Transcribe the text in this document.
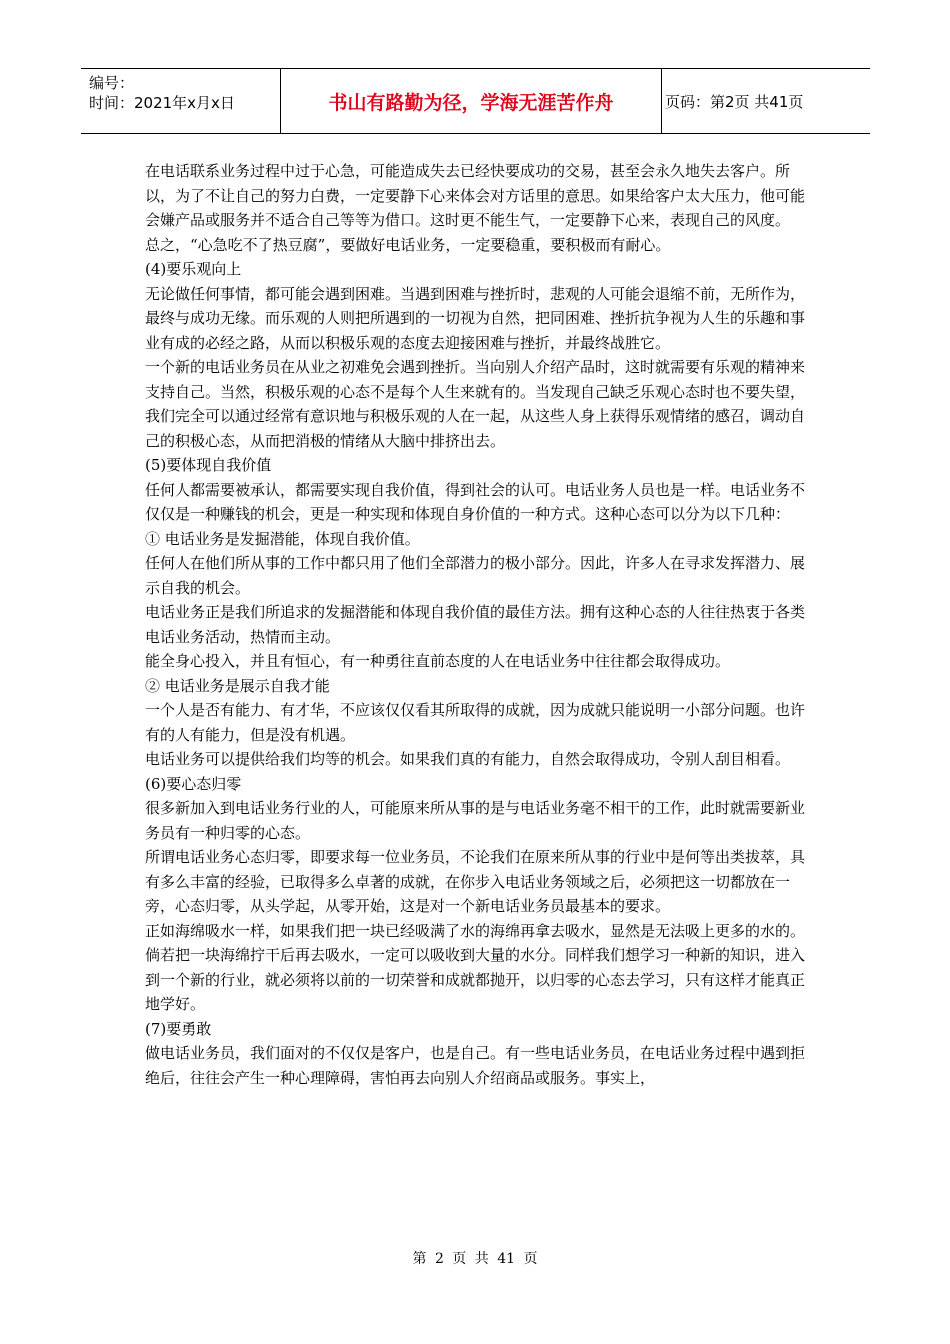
编号：
时间：2021年x月x日	书山有路勤为径，学海无涯苦作舟	页码：第2页 共41页

在电话联系业务过程中过于心急，可能造成失去已经快要成功的交易，甚至会永久地失去客户。所以，为了不让自己的努力白费，一定要静下心来体会对方话里的意思。如果给客户太大压力，他可能会嫌产品或服务并不适合自己等等为借口。这时更不能生气，一定要静下心来，表现自己的风度。

总之，“心急吃不了热豆腐”，要做好电话业务，一定要稳重，要积极而有耐心。

(4)要乐观向上

无论做任何事情，都可能会遇到困难。当遇到困难与挫折时，悲观的人可能会退缩不前，无所作为，最终与成功无缘。而乐观的人则把所遇到的一切视为自然，把同困难、挫折抗争视为人生的乐趣和事业有成的必经之路，从而以积极乐观的态度去迎接困难与挫折，并最终战胜它。

一个新的电话业务员在从业之初难免会遇到挫折。当向别人介绍产品时，这时就需要有乐观的精神来支持自己。当然，积极乐观的心态不是每个人生来就有的。当发现自己缺乏乐观心态时也不要失望，我们完全可以通过经常有意识地与积极乐观的人在一起，从这些人身上获得乐观情绪的感召，调动自己的积极心态，从而把消极的情绪从大脑中排挤出去。

(5)要体现自我价值

任何人都需要被承认，都需要实现自我价值，得到社会的认可。电话业务人员也是一样。电话业务不仅仅是一种赚钱的机会，更是一种实现和体现自身价值的一种方式。这种心态可以分为以下几种：

① 电话业务是发掘潜能，体现自我价值。

任何人在他们所从事的工作中都只用了他们全部潜力的极小部分。因此，许多人在寻求发挥潜力、展示自我的机会。

电话业务正是我们所追求的发掘潜能和体现自我价值的最佳方法。拥有这种心态的人往往热衷于各类电话业务活动，热情而主动。

能全身心投入，并且有恒心，有一种勇往直前态度的人在电话业务中往往都会取得成功。

② 电话业务是展示自我才能

一个人是否有能力、有才华，不应该仅仅看其所取得的成就，因为成就只能说明一小部分问题。也许有的人有能力，但是没有机遇。

电话业务可以提供给我们均等的机会。如果我们真的有能力，自然会取得成功，令别人刮目相看。

(6)要心态归零

很多新加入到电话业务行业的人，可能原来所从事的是与电话业务毫不相干的工作，此时就需要新业务员有一种归零的心态。

所谓电话业务心态归零，即要求每一位业务员，不论我们在原来所从事的行业中是何等出类拔萃，具有多么丰富的经验，已取得多么卓著的成就，在你步入电话业务领域之后，必须把这一切都放在一旁，心态归零，从头学起，从零开始，这是对一个新电话业务员最基本的要求。

正如海绵吸水一样，如果我们把一块已经吸满了水的海绵再拿去吸水，显然是无法吸上更多的水的。倘若把一块海绵拧干后再去吸水，一定可以吸收到大量的水分。同样我们想学习一种新的知识，进入到一个新的行业，就必须将以前的一切荣誉和成就都抛开，以归零的心态去学习，只有这样才能真正地学好。

(7)要勇敢

做电话业务员，我们面对的不仅仅是客户，也是自己。有一些电话业务员，在电话业务过程中遇到拒绝后，往往会产生一种心理障碍，害怕再去向别人介绍商品或服务。事实上，

第 2 页 共 41 页
